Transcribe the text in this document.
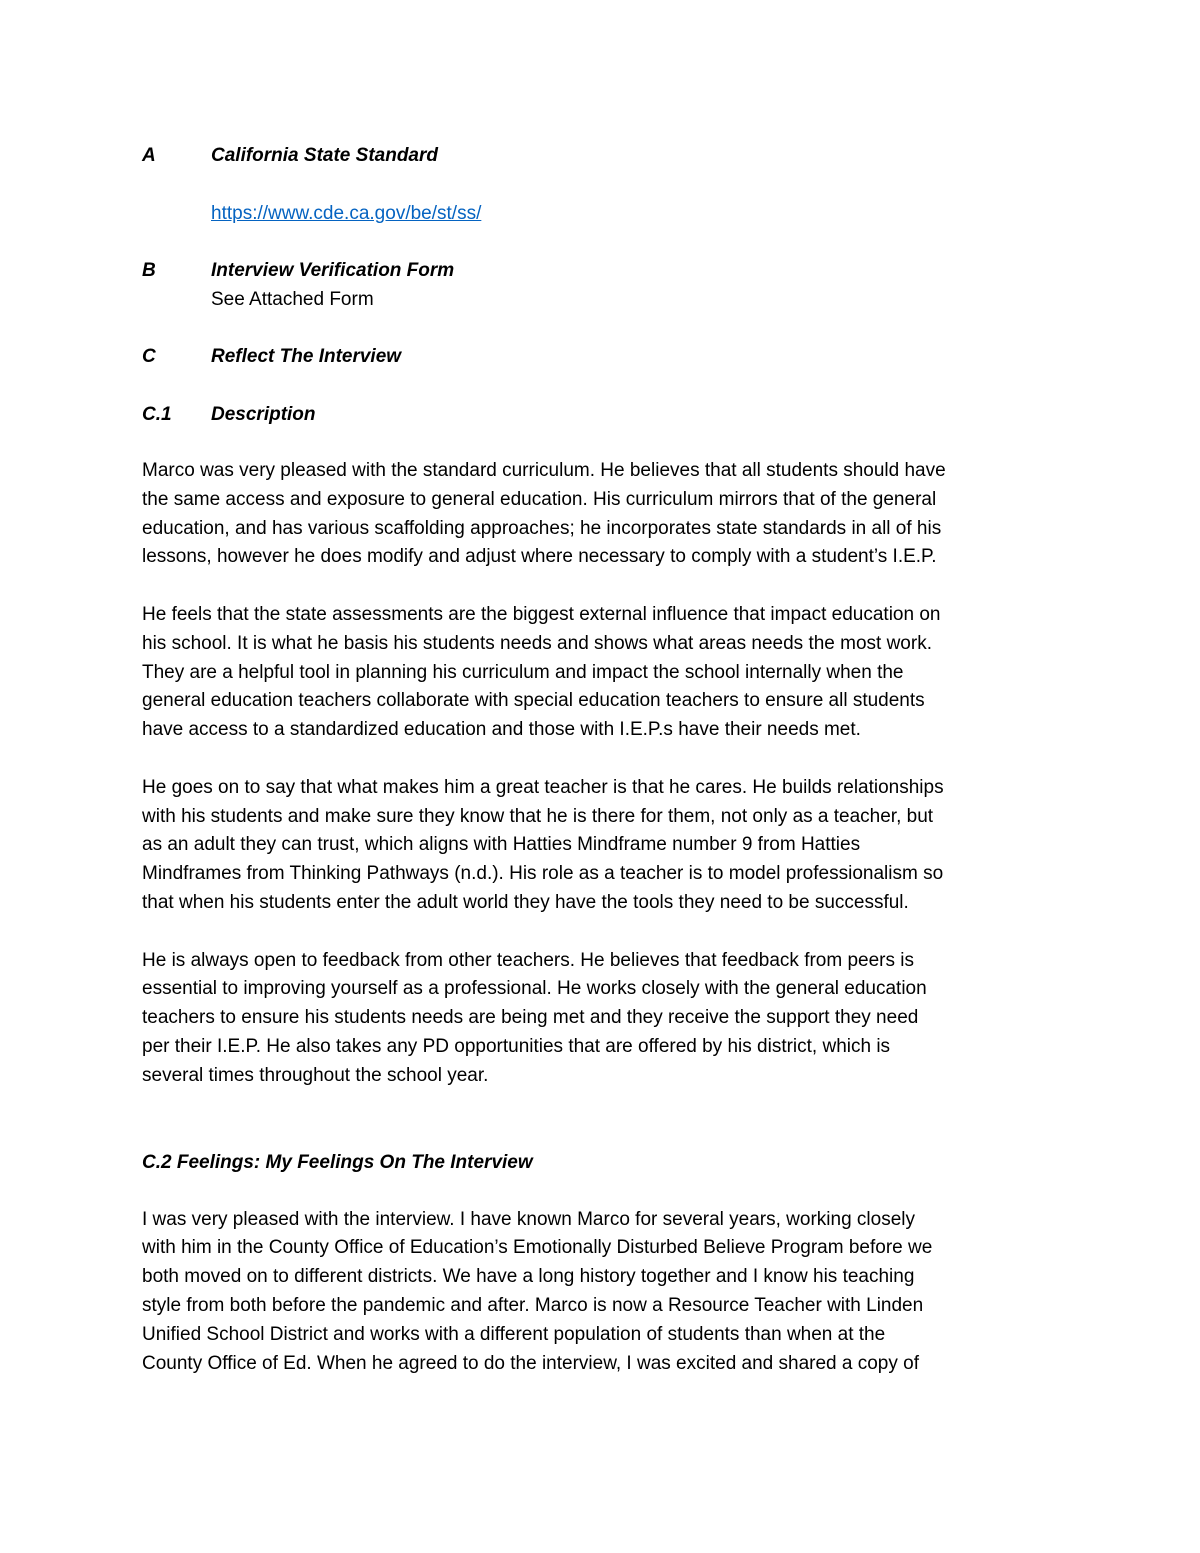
A	California State Standard
https://www.cde.ca.gov/be/st/ss/
B	Interview Verification Form
See Attached Form
C	Reflect The Interview
C.1	Description
Marco was very pleased with the standard curriculum. He believes that all students should have
the same access and exposure to general education. His curriculum mirrors that of the general
education, and has various scaffolding approaches; he incorporates state standards in all of his
lessons, however he does modify and adjust where necessary to comply with a student’s I.E.P.
He feels that the state assessments are the biggest external influence that impact education on
his school. It is what he basis his students needs and shows what areas needs the most work.
They are a helpful tool in planning his curriculum and impact the school internally when the
general education teachers collaborate with special education teachers to ensure all students
have access to a standardized education and those with I.E.P.s have their needs met.
He goes on to say that what makes him a great teacher is that he cares. He builds relationships
with his students and make sure they know that he is there for them, not only as a teacher, but
as an adult they can trust, which aligns with Hatties Mindframe number 9 from Hatties
Mindframes from Thinking Pathways (n.d.). His role as a teacher is to model professionalism so
that when his students enter the adult world they have the tools they need to be successful.
He is always open to feedback from other teachers. He believes that feedback from peers is
essential to improving yourself as a professional. He works closely with the general education
teachers to ensure his students needs are being met and they receive the support they need
per their I.E.P. He also takes any PD opportunities that are offered by his district, which is
several times throughout the school year.
C.2 Feelings: My Feelings On The Interview
I was very pleased with the interview. I have known Marco for several years, working closely
with him in the County Office of Education’s Emotionally Disturbed Believe Program before we
both moved on to different districts. We have a long history together and I know his teaching
style from both before the pandemic and after. Marco is now a Resource Teacher with Linden
Unified School District and works with a different population of students than when at the
County Office of Ed. When he agreed to do the interview, I was excited and shared a copy of
